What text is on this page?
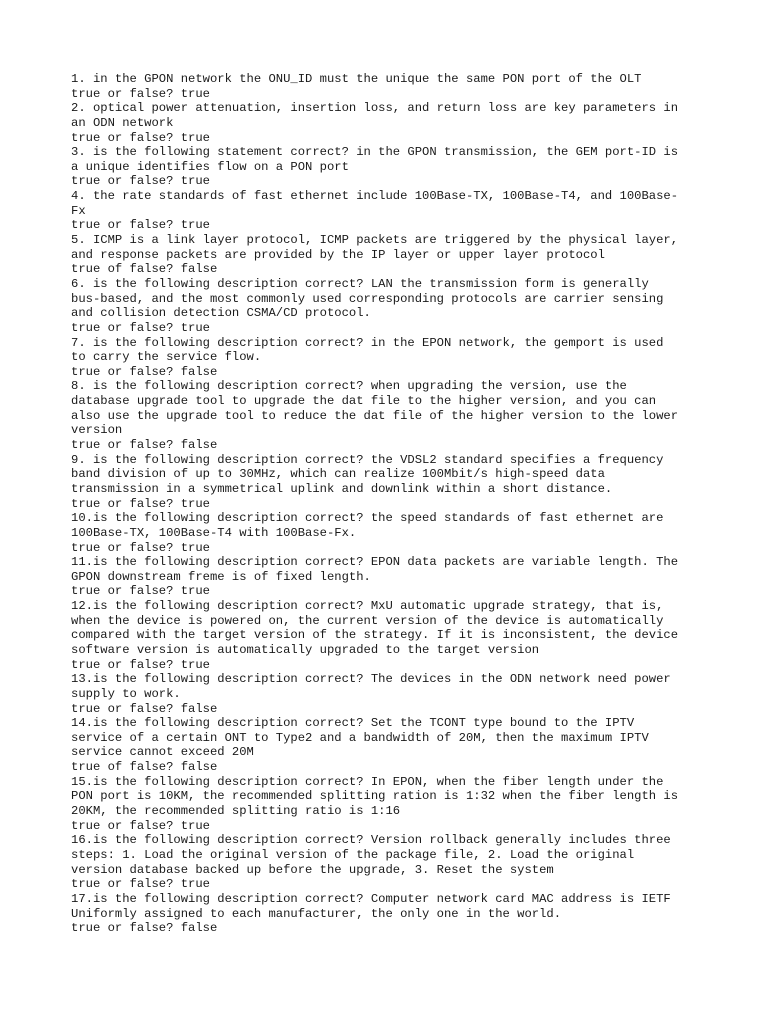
1. in the GPON network the ONU_ID must the unique the same PON port of the OLT
true or false? true
2. optical power attenuation, insertion loss, and return loss are key parameters in
an ODN network
true or false? true
3. is the following statement correct? in the GPON transmission, the GEM port-ID is
a unique identifies flow on a PON port
true or false? true
4. the rate standards of fast ethernet include 100Base-TX, 100Base-T4, and 100Base-
Fx
true or false? true
5. ICMP is a link layer protocol, ICMP packets are triggered by the physical layer,
and response packets are provided by the IP layer or upper layer protocol
true of false? false
6. is the following description correct? LAN the transmission form is generally
bus-based, and the most commonly used corresponding protocols are carrier sensing
and collision detection CSMA/CD protocol.
true or false? true
7. is the following description correct? in the EPON network, the gemport is used
to carry the service flow.
true or false? false
8. is the following description correct? when upgrading the version, use the
database upgrade tool to upgrade the dat file to the higher version, and you can
also use the upgrade tool to reduce the dat file of the higher version to the lower
version
true or false? false
9. is the following description correct? the VDSL2 standard specifies a frequency
band division of up to 30MHz, which can realize 100Mbit/s high-speed data
transmission in a symmetrical uplink and downlink within a short distance.
true or false? true
10.is the following description correct? the speed standards of fast ethernet are
100Base-TX, 100Base-T4 with 100Base-Fx.
true or false? true
11.is the following description correct? EPON data packets are variable length. The
GPON downstream freme is of fixed length.
true or false? true
12.is the following description correct? MxU automatic upgrade strategy, that is,
when the device is powered on, the current version of the device is automatically
compared with the target version of the strategy. If it is inconsistent, the device
software version is automatically upgraded to the target version
true or false? true
13.is the following description correct? The devices in the ODN network need power
supply to work.
true or false? false
14.is the following description correct? Set the TCONT type bound to the IPTV
service of a certain ONT to Type2 and a bandwidth of 20M, then the maximum IPTV
service cannot exceed 20M
true of false? false
15.is the following description correct? In EPON, when the fiber length under the
PON port is 10KM, the recommended splitting ration is 1:32 when the fiber length is
20KM, the recommended splitting ratio is 1:16
true or false? true
16.is the following description correct? Version rollback generally includes three
steps: 1. Load the original version of the package file, 2. Load the original
version database backed up before the upgrade, 3. Reset the system
true or false? true
17.is the following description correct? Computer network card MAC address is IETF
Uniformly assigned to each manufacturer, the only one in the world.
true or false? false
